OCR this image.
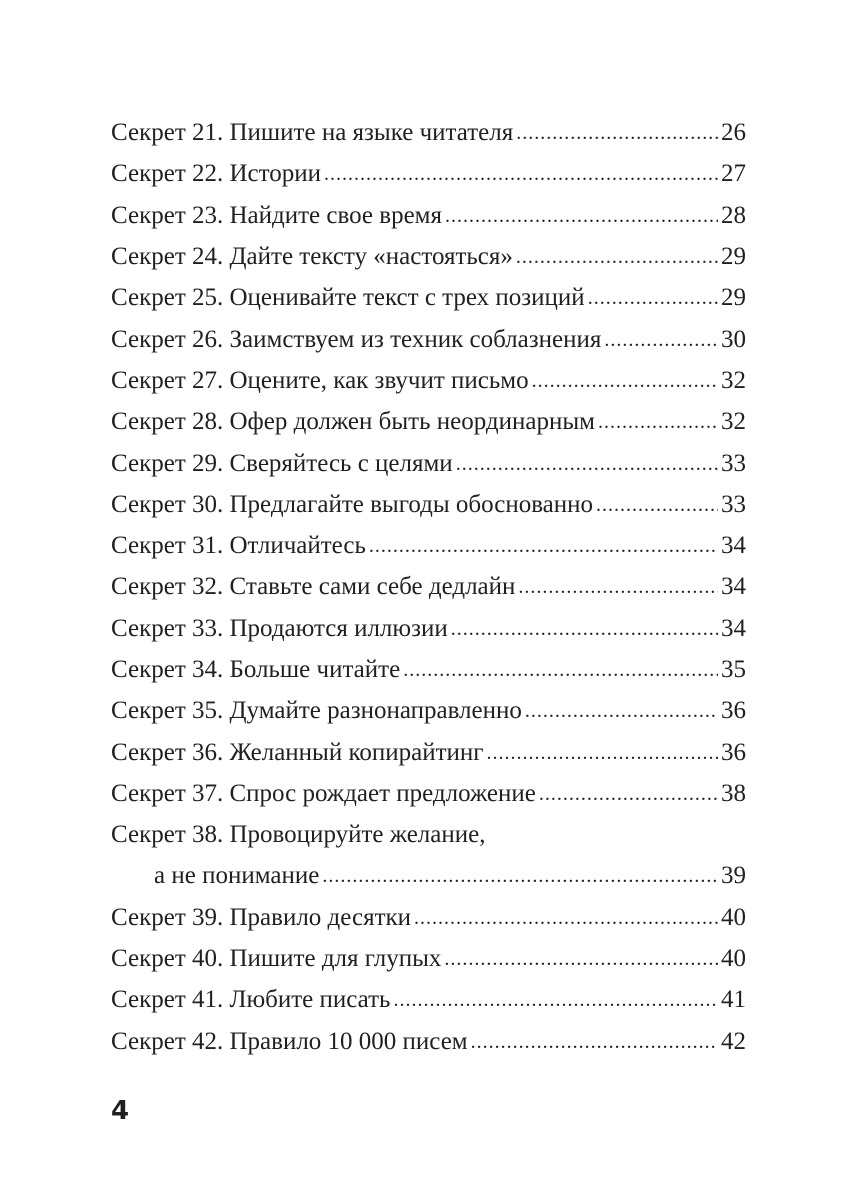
Секрет 21. Пишите на языке читателя .....	26
Секрет 22. Истории .....	27
Секрет 23. Найдите свое время .....	28
Секрет 24. Дайте тексту «настояться» .....	29
Секрет 25. Оценивайте текст с трех позиций .....	29
Секрет 26. Заимствуем из техник соблазнения .....	30
Секрет 27. Оцените, как звучит письмо .....	32
Секрет 28. Офер должен быть неординарным .....	32
Секрет 29. Сверяйтесь с целями .....	33
Секрет 30. Предлагайте выгоды обоснованно .....	33
Секрет 31. Отличайтесь .....	34
Секрет 32. Ставьте сами себе дедлайн .....	34
Секрет 33. Продаются иллюзии .....	34
Секрет 34. Больше читайте .....	35
Секрет 35. Думайте разнонаправленно .....	36
Секрет 36. Желанный копирайтинг .....	36
Секрет 37. Спрос рождает предложение .....	38
Секрет 38. Провоцируйте желание,
а не понимание .....	39
Секрет 39. Правило десятки .....	40
Секрет 40. Пишите для глупых .....	40
Секрет 41. Любите писать .....	41
Секрет 42. Правило 10 000 писем .....	42
4
